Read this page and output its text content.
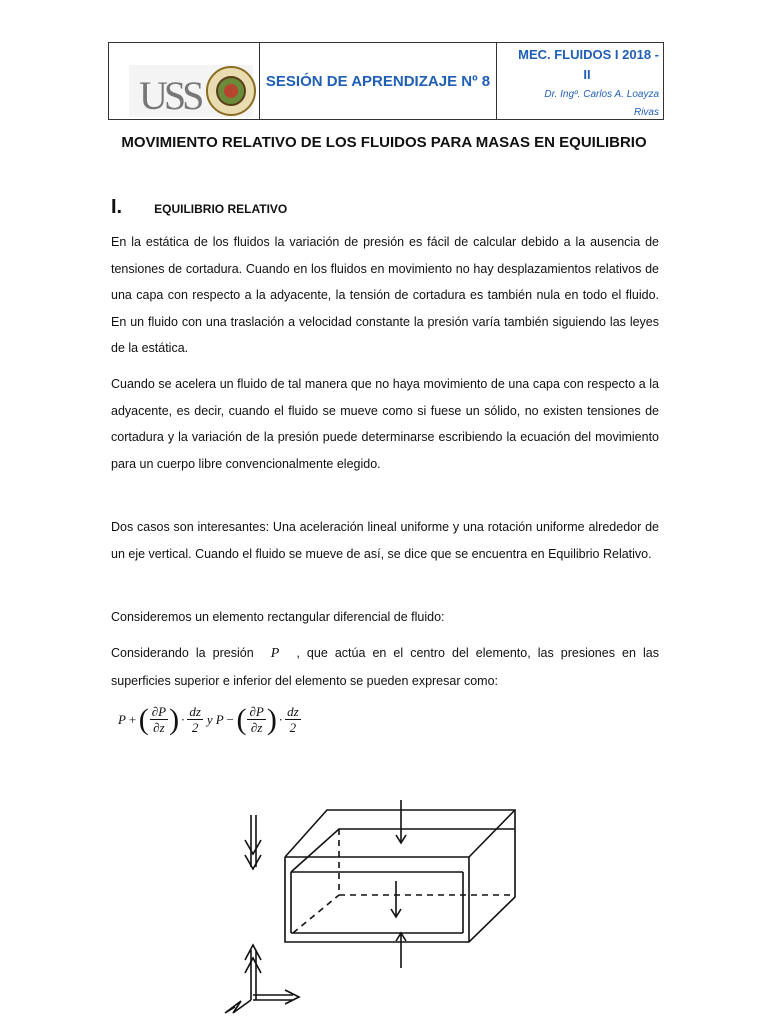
USS	SESIÓN DE APRENDIZAJE Nº 8
MEC. FLUIDOS I 2018 -
II
Dr. Ingº. Carlos A. Loayza
Rivas
MOVIMIENTO RELATIVO DE LOS FLUIDOS PARA MASAS EN EQUILIBRIO
I.	EQUILIBRIO RELATIVO

En la estática de los fluidos la variación de presión es fácil de calcular debido a la ausencia de tensiones de cortadura. Cuando en los fluidos en movimiento no hay desplazamientos relativos de una capa con respecto a la adyacente, la tensión de cortadura es también nula en todo el fluido. En un fluido con una traslación a velocidad constante la presión varía también siguiendo las leyes de la estática.

Cuando se acelera un fluido de tal manera que no haya movimiento de una capa con respecto a la adyacente, es decir, cuando el fluido se mueve como si fuese un sólido, no existen tensiones de cortadura y la variación de la presión puede determinarse escribiendo la ecuación del movimiento para un cuerpo libre convencionalmente elegido.

Dos casos son interesantes: Una aceleración lineal uniforme y una rotación uniforme alrededor de un eje vertical. Cuando el fluido se mueve de así, se dice que se encuentra en Equilibrio Relativo.

Consideremos un elemento rectangular diferencial de fluido:

Considerando la presión P , que actúa en el centro del elemento, las presiones en las superficies superior e inferior del elemento se pueden expresar como:

P + ( $\frac{\partial P}{\partial z}$ ) · $\frac{dz}{2}$ y P − ( $\frac{\partial P}{\partial z}$ ) · $\frac{dz}{2}$
